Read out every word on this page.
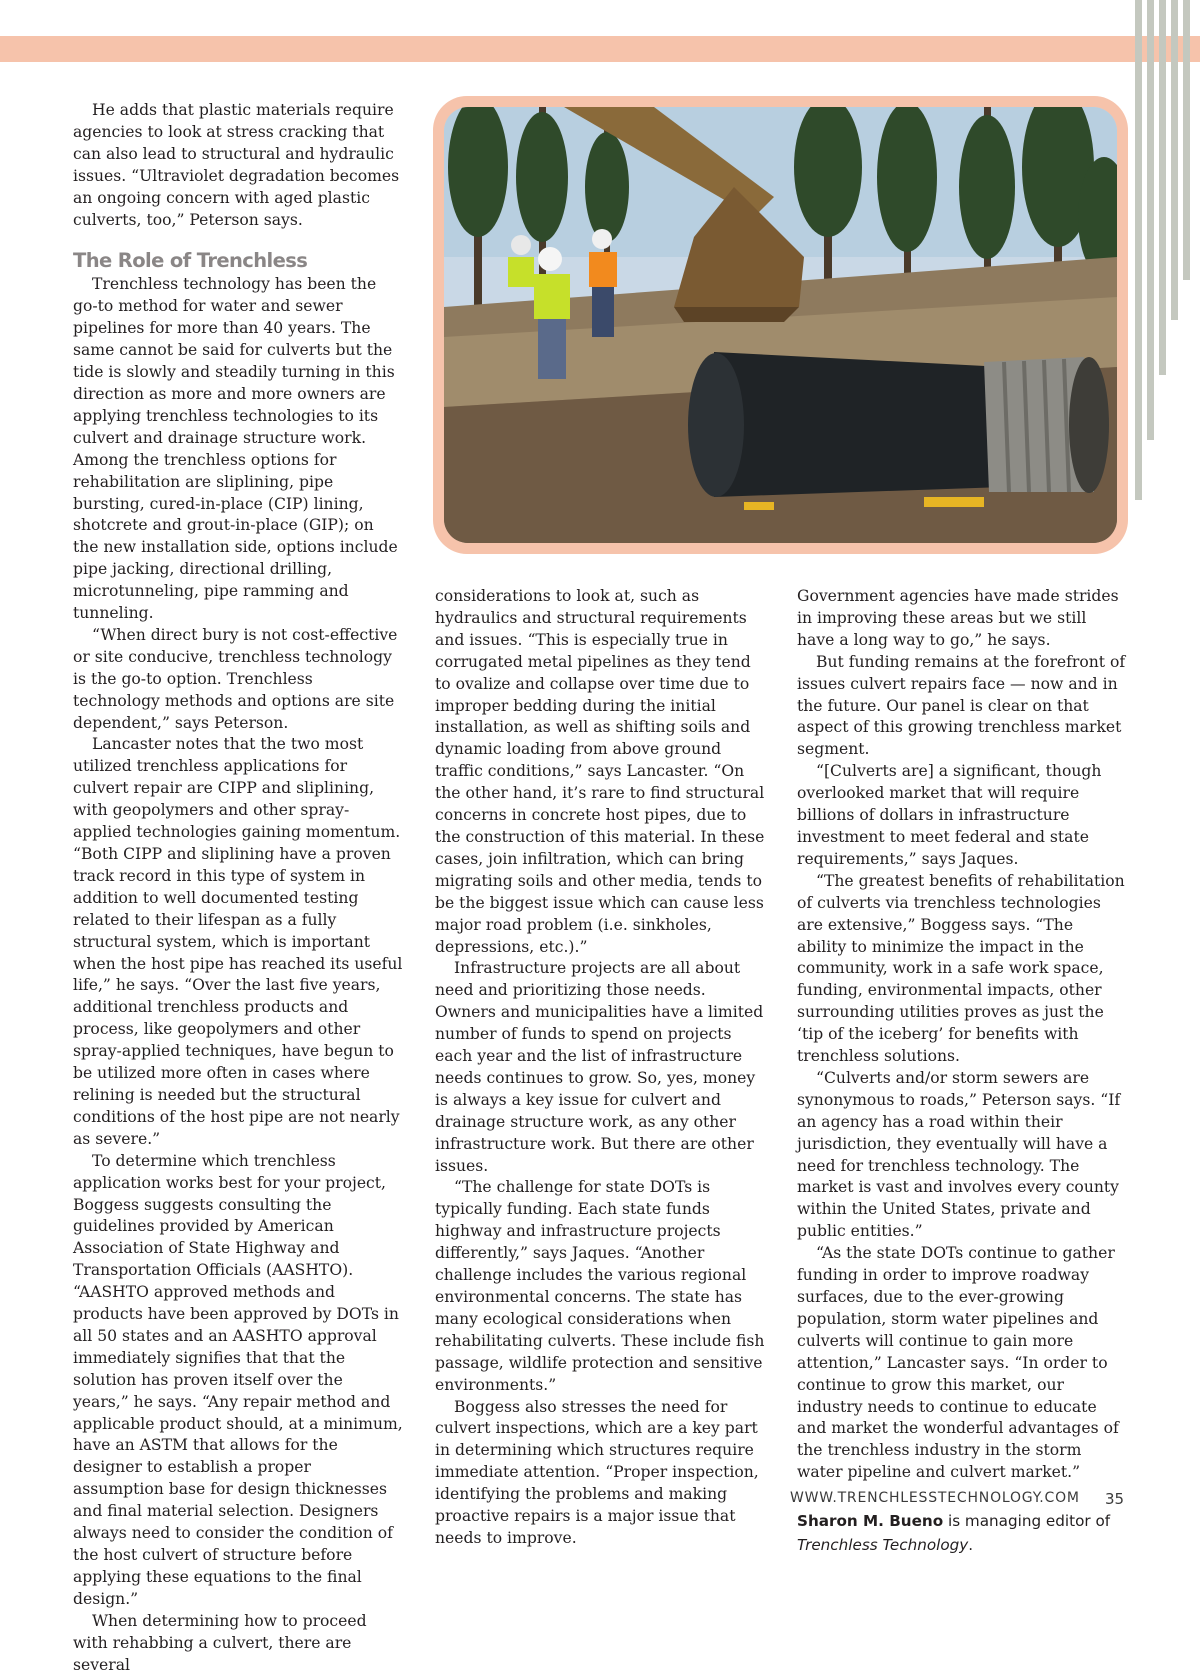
He adds that plastic materials require agencies to look at stress cracking that can also lead to structural and hydraulic issues. “Ultraviolet degradation becomes an ongoing concern with aged plastic culverts, too,” Peterson says.

The Role of Trenchless

Trenchless technology has been the go-to method for water and sewer pipelines for more than 40 years. The same cannot be said for culverts but the tide is slowly and steadily turning in this direction as more and more owners are applying trenchless technologies to its culvert and drainage structure work. Among the trenchless options for rehabilitation are sliplining, pipe bursting, cured-in-place (CIP) lining, shotcrete and grout-in-place (GIP); on the new installation side, options include pipe jacking, directional drilling, microtunneling, pipe ramming and tunneling.

“When direct bury is not cost-effective or site conducive, trenchless technology is the go-to option. Trenchless technology methods and options are site dependent,” says Peterson.

Lancaster notes that the two most utilized trenchless applications for culvert repair are CIPP and sliplining, with geopolymers and other spray-applied technologies gaining momentum. “Both CIPP and sliplining have a proven track record in this type of system in addition to well documented testing related to their lifespan as a fully structural system, which is important when the host pipe has reached its useful life,” he says. “Over the last five years, additional trenchless products and process, like geopolymers and other spray-applied techniques, have begun to be utilized more often in cases where relining is needed but the structural conditions of the host pipe are not nearly as severe.”

To determine which trenchless application works best for your project, Boggess suggests consulting the guidelines provided by American Association of State Highway and Transportation Officials (AASHTO). “AASHTO approved methods and products have been approved by DOTs in all 50 states and an AASHTO approval immediately signifies that that the solution has proven itself over the years,” he says. “Any repair method and applicable product should, at a minimum, have an ASTM that allows for the designer to establish a proper assumption base for design thicknesses and final material selection. Designers always need to consider the condition of the host culvert of structure before applying these equations to the final design.”

When determining how to proceed with rehabbing a culvert, there are several

considerations to look at, such as hydraulics and structural requirements and issues. “This is especially true in corrugated metal pipelines as they tend to ovalize and collapse over time due to improper bedding during the initial installation, as well as shifting soils and dynamic loading from above ground traffic conditions,” says Lancaster. “On the other hand, it’s rare to find structural concerns in concrete host pipes, due to the construction of this material. In these cases, join infiltration, which can bring migrating soils and other media, tends to be the biggest issue which can cause less major road problem (i.e. sinkholes, depressions, etc.).”

Infrastructure projects are all about need and prioritizing those needs. Owners and municipalities have a limited number of funds to spend on projects each year and the list of infrastructure needs continues to grow. So, yes, money is always a key issue for culvert and drainage structure work, as any other infrastructure work. But there are other issues.

“The challenge for state DOTs is typically funding. Each state funds highway and infrastructure projects differently,” says Jaques. “Another challenge includes the various regional environmental concerns. The state has many ecological considerations when rehabilitating culverts. These include fish passage, wildlife protection and sensitive environments.”

Boggess also stresses the need for culvert inspections, which are a key part in determining which structures require immediate attention. “Proper inspection, identifying the problems and making proactive repairs is a major issue that needs to improve.

Government agencies have made strides in improving these areas but we still have a long way to go,” he says.

But funding remains at the forefront of issues culvert repairs face — now and in the future. Our panel is clear on that aspect of this growing trenchless market segment.

“[Culverts are] a significant, though overlooked market that will require billions of dollars in infrastructure investment to meet federal and state requirements,” says Jaques.

“The greatest benefits of rehabilitation of culverts via trenchless technologies are extensive,” Boggess says. “The ability to minimize the impact in the community, work in a safe work space, funding, environmental impacts, other surrounding utilities proves as just the ‘tip of the iceberg’ for benefits with trenchless solutions.

“Culverts and/or storm sewers are synonymous to roads,” Peterson says. “If an agency has a road within their jurisdiction, they eventually will have a need for trenchless technology. The market is vast and involves every county within the United States, private and public entities.”

“As the state DOTs continue to gather funding in order to improve roadway surfaces, due to the ever-growing population, storm water pipelines and culverts will continue to gain more attention,” Lancaster says. “In order to continue to grow this market, our industry needs to continue to educate and market the wonderful advantages of the trenchless industry in the storm water pipeline and culvert market.”

Sharon M. Bueno is managing editor of Trenchless Technology.

WWW.TRENCHLESSTECHNOLOGY.COM 35
